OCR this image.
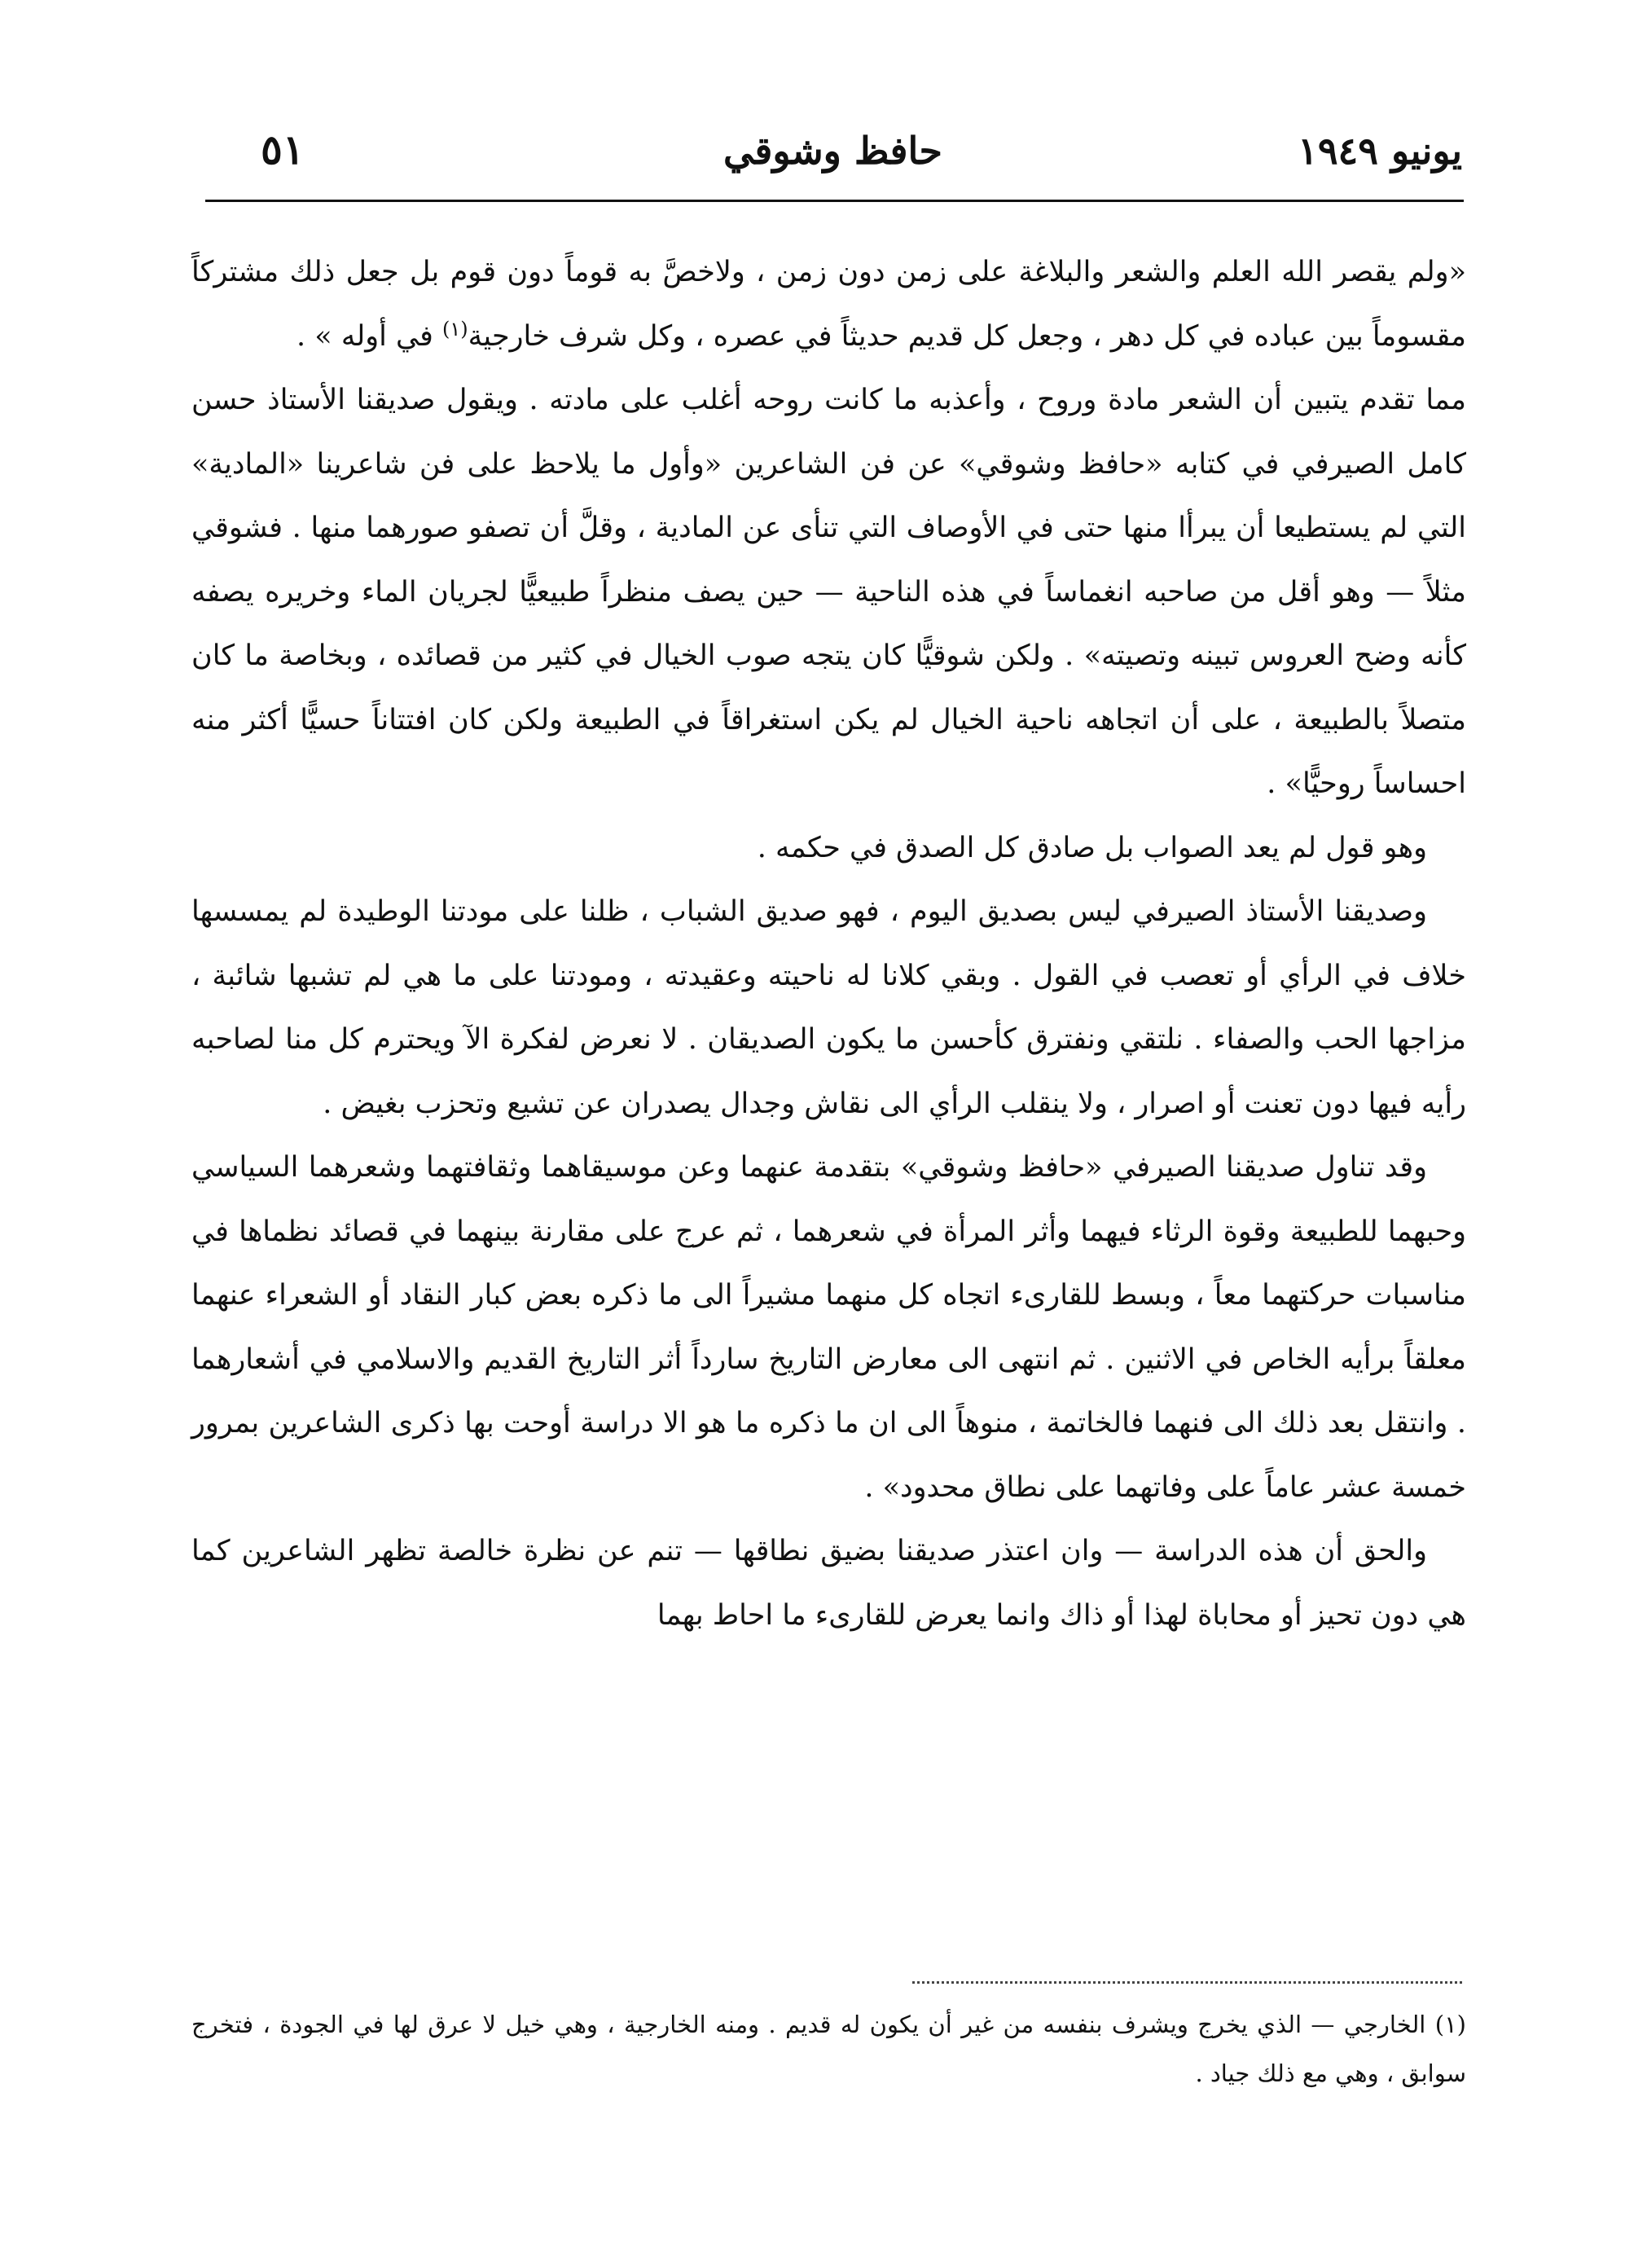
يونيو ١٩٤٩
حافظ وشوقي
٥١

«ولم يقصر الله العلم والشعر والبلاغة على زمن دون زمن ، ولاخصَّ به قوماً دون قوم بل جعل ذلك مشتركاً مقسوماً بين عباده في كل دهر ، وجعل كل قديم حديثاً في عصره ، وكل شرف خارجية$^{(١)}$ في أوله » .

مما تقدم يتبين أن الشعر مادة وروح ، وأعذبه ما كانت روحه أغلب على مادته . ويقول صديقنا الأستاذ حسن كامل الصيرفي في كتابه «حافظ وشوقي» عن فن الشاعرين «وأول ما يلاحظ على فن شاعرينا «المادية» التي لم يستطيعا أن يبرأا منها حتى في الأوصاف التي تنأى عن المادية ، وقلَّ أن تصفو صورهما منها . فشوقي مثلاً — وهو أقل من صاحبه انغماساً في هذه الناحية — حين يصف منظراً طبيعيًّا لجريان الماء وخريره يصفه كأنه وضح العروس تبينه وتصيته» . ولكن شوقيًّا كان يتجه صوب الخيال في كثير من قصائده ، وبخاصة ما كان متصلاً بالطبيعة ، على أن اتجاهه ناحية الخيال لم يكن استغراقاً في الطبيعة ولكن كان افتتاناً حسيًّا أكثر منه احساساً روحيًّا» .

وهو قول لم يعد الصواب بل صادق كل الصدق في حكمه .

وصديقنا الأستاذ الصيرفي ليس بصديق اليوم ، فهو صديق الشباب ، ظلنا على مودتنا الوطيدة لم يمسسها خلاف في الرأي أو تعصب في القول . وبقي كلانا له ناحيته وعقيدته ، ومودتنا على ما هي لم تشبها شائبة ، مزاجها الحب والصفاء . نلتقي ونفترق كأحسن ما يكون الصديقان . لا نعرض لفكرة الآ ويحترم كل منا لصاحبه رأيه فيها دون تعنت أو اصرار ، ولا ينقلب الرأي الى نقاش وجدال يصدران عن تشيع وتحزب بغيض .

وقد تناول صديقنا الصيرفي «حافظ وشوقي» بتقدمة عنهما وعن موسيقاهما وثقافتهما وشعرهما السياسي وحبهما للطبيعة وقوة الرثاء فيهما وأثر المرأة في شعرهما ، ثم عرج على مقارنة بينهما في قصائد نظماها في مناسبات حركتهما معاً ، وبسط للقارىء اتجاه كل منهما مشيراً الى ما ذكره بعض كبار النقاد أو الشعراء عنهما معلقاً برأيه الخاص في الاثنين . ثم انتهى الى معارض التاريخ سارداً أثر التاريخ القديم والاسلامي في أشعارهما . وانتقل بعد ذلك الى فنهما فالخاتمة ، منوهاً الى ان ما ذكره ما هو الا دراسة أوحت بها ذكرى الشاعرين بمرور خمسة عشر عاماً على وفاتهما على نطاق محدود» .

والحق أن هذه الدراسة — وان اعتذر صديقنا بضيق نطاقها — تنم عن نظرة خالصة تظهر الشاعرين كما هي دون تحيز أو محاباة لهذا أو ذاك وانما يعرض للقارىء ما احاط بهما

(١) الخارجي — الذي يخرج ويشرف بنفسه من غير أن يكون له قديم . ومنه الخارجية ، وهي خيل لا عرق لها في الجودة ، فتخرج سوابق ، وهي مع ذلك جياد .
